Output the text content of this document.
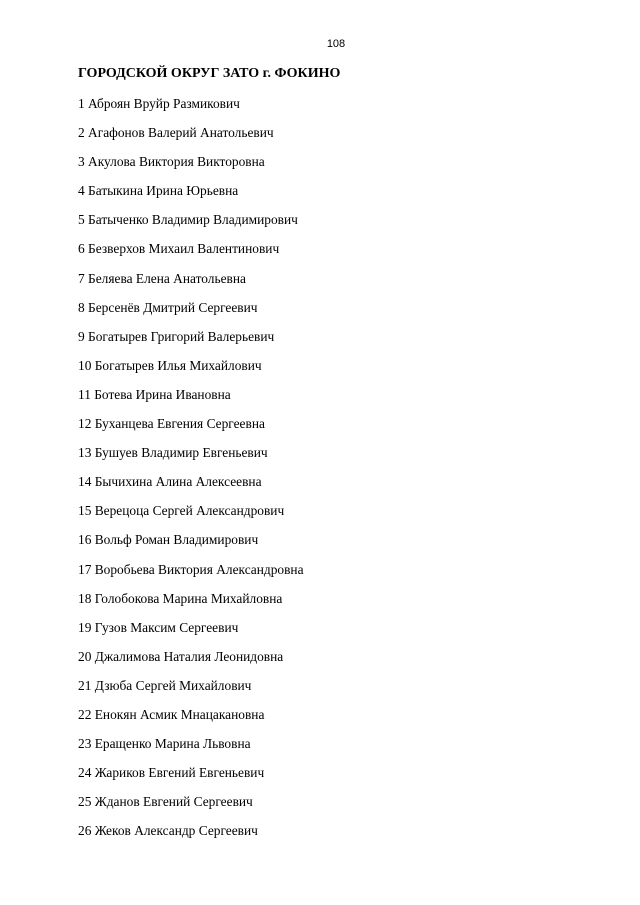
108
ГОРОДСКОЙ ОКРУГ ЗАТО г. ФОКИНО
1 Аброян Вруйр Размикович
2 Агафонов Валерий Анатольевич
3 Акулова Виктория Викторовна
4 Батыкина Ирина Юрьевна
5 Батыченко Владимир Владимирович
6 Безверхов Михаил Валентинович
7 Беляева Елена Анатольевна
8 Берсенёв Дмитрий Сергеевич
9 Богатырев Григорий Валерьевич
10 Богатырев Илья Михайлович
11 Ботева Ирина Ивановна
12 Буханцева Евгения Сергеевна
13 Бушуев Владимир Евгеньевич
14 Бычихина Алина Алексеевна
15 Верецоца Сергей Александрович
16 Вольф Роман Владимирович
17 Воробьева Виктория Александровна
18 Голобокова Марина Михайловна
19 Гузов Максим Сергеевич
20 Джалимова Наталия Леонидовна
21 Дзюба Сергей Михайлович
22 Енокян Асмик Мнацакановна
23 Еращенко Марина Львовна
24 Жариков Евгений Евгеньевич
25 Жданов Евгений Сергеевич
26 Жеков Александр Сергеевич
